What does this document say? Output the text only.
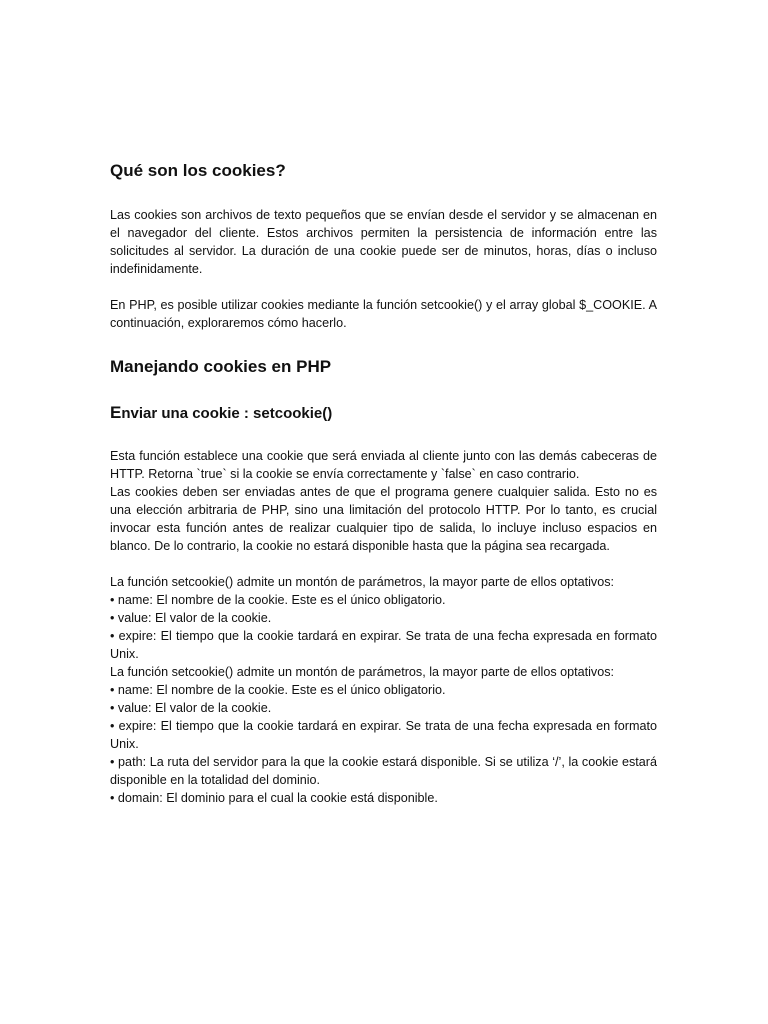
Qué son los cookies?

Las cookies son archivos de texto pequeños que se envían desde el servidor y se almacenan en el navegador del cliente. Estos archivos permiten la persistencia de información entre las solicitudes al servidor. La duración de una cookie puede ser de minutos, horas, días o incluso indefinidamente.

En PHP, es posible utilizar cookies mediante la función setcookie() y el array global $_COOKIE. A continuación, exploraremos cómo hacerlo.

Manejando cookies en PHP
Enviar una cookie : setcookie()

Esta función establece una cookie que será enviada al cliente junto con las demás cabeceras de HTTP. Retorna `true` si la cookie se envía correctamente y `false` en caso contrario.

Las cookies deben ser enviadas antes de que el programa genere cualquier salida. Esto no es una elección arbitraria de PHP, sino una limitación del protocolo HTTP. Por lo tanto, es crucial invocar esta función antes de realizar cualquier tipo de salida, lo incluye incluso espacios en blanco. De lo contrario, la cookie no estará disponible hasta que la página sea recargada.

La función setcookie() admite un montón de parámetros, la mayor parte de ellos optativos:

• name: El nombre de la cookie. Este es el único obligatorio.

• value: El valor de la cookie.

• expire: El tiempo que la cookie tardará en expirar. Se trata de una fecha expresada en formato Unix.

La función setcookie() admite un montón de parámetros, la mayor parte de ellos optativos:

• name: El nombre de la cookie. Este es el único obligatorio.

• value: El valor de la cookie.

• expire: El tiempo que la cookie tardará en expirar. Se trata de una fecha expresada en formato Unix.

• path: La ruta del servidor para la que la cookie estará disponible. Si se utiliza ‘/’, la cookie estará disponible en la totalidad del dominio.

• domain: El dominio para el cual la cookie está disponible.
